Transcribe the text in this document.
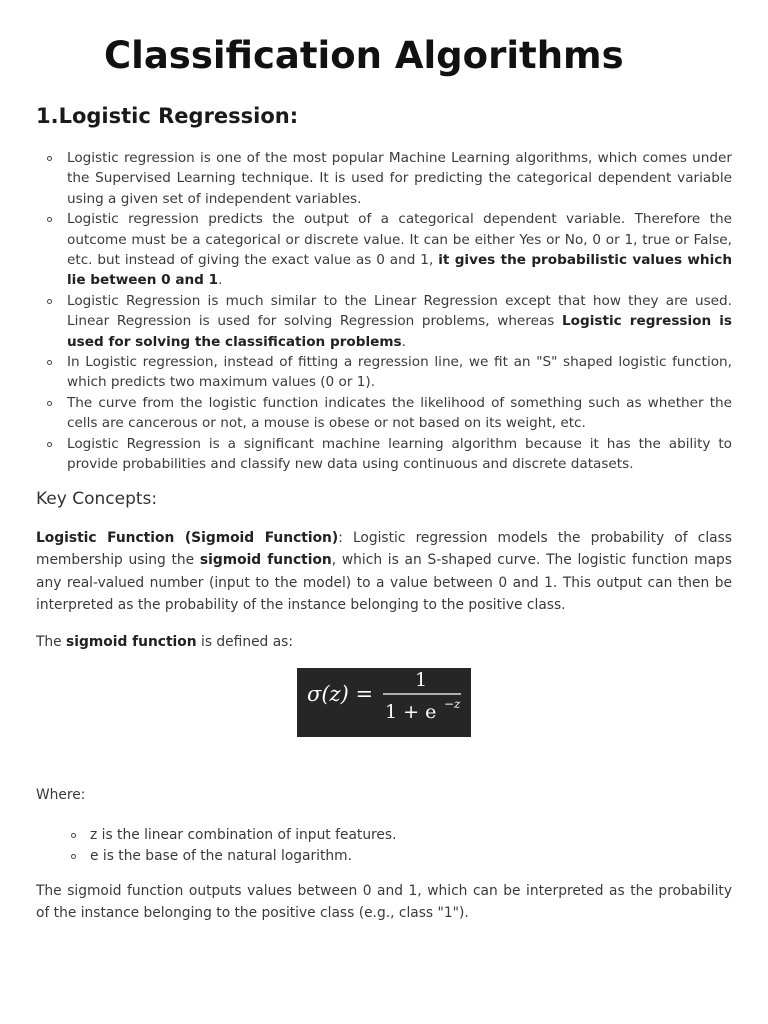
Classification Algorithms
1.Logistic Regression:
Logistic regression is one of the most popular Machine Learning algorithms, which comes under the Supervised Learning technique. It is used for predicting the categorical dependent variable using a given set of independent variables.
Logistic regression predicts the output of a categorical dependent variable. Therefore the outcome must be a categorical or discrete value. It can be either Yes or No, 0 or 1, true or False, etc. but instead of giving the exact value as 0 and 1, it gives the probabilistic values which lie between 0 and 1.
Logistic Regression is much similar to the Linear Regression except that how they are used. Linear Regression is used for solving Regression problems, whereas Logistic regression is used for solving the classification problems.
In Logistic regression, instead of fitting a regression line, we fit an "S" shaped logistic function, which predicts two maximum values (0 or 1).
The curve from the logistic function indicates the likelihood of something such as whether the cells are cancerous or not, a mouse is obese or not based on its weight, etc.
Logistic Regression is a significant machine learning algorithm because it has the ability to provide probabilities and classify new data using continuous and discrete datasets.
Key Concepts:

Logistic Function (Sigmoid Function): Logistic regression models the probability of class membership using the sigmoid function, which is an S-shaped curve. The logistic function maps any real-valued number (input to the model) to a value between 0 and 1. This output can then be interpreted as the probability of the instance belonging to the positive class.

The sigmoid function is defined as:

σ(z) =
1
1 + e −z

Where:

z is the linear combination of input features.
e is the base of the natural logarithm.

The sigmoid function outputs values between 0 and 1, which can be interpreted as the probability of the instance belonging to the positive class (e.g., class "1").
